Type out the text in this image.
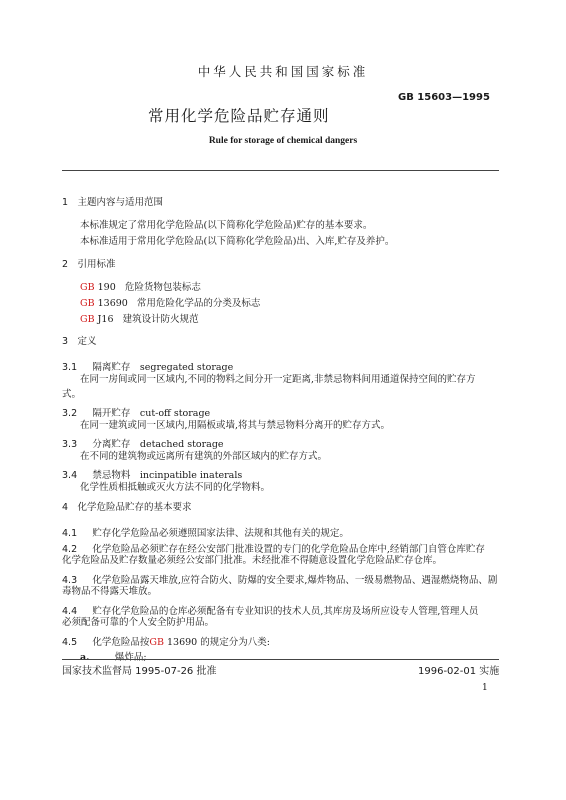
中华人民共和国国家标准
GB 15603—1995
常用化学危险品贮存通则
Rule for storage of chemical dangers
1　主题内容与适用范围
本标准规定了常用化学危险品(以下简称化学危险品)贮存的基本要求。
本标准适用于常用化学危险品(以下简称化学危险品)出、入库,贮存及养护。
2　引用标准
GB 190 危险货物包装标志
GB 13690 常用危险化学品的分类及标志
GB J16 建筑设计防火规范
3　定义
3.1 隔离贮存　segregated storage
在同一房间或同一区域内,不同的物料之间分开一定距离,非禁忌物料间用通道保持空间的贮存方
式。
3.2 隔开贮存　cut-off storage
在同一建筑或同一区域内,用隔板或墙,将其与禁忌物料分离开的贮存方式。
3.3 分离贮存　detached storage
在不同的建筑物或远离所有建筑的外部区域内的贮存方式。
3.4 禁忌物料　incinpatible inaterals
化学性质相抵触或灭火方法不同的化学物料。
4　化学危险品贮存的基本要求
4.1 贮存化学危险品必须遵照国家法律、法规和其他有关的规定。
4.2 化学危险品必须贮存在经公安部门批准设置的专门的化学危险品仓库中,经销部门自管仓库贮存
化学危险品及贮存数量必须经公安部门批准。未经批准不得随意设置化学危险品贮存仓库。
4.3 化学危险品露天堆放,应符合防火、防爆的安全要求,爆炸物品、一级易燃物品、遇湿燃烧物品、剧
毒物品不得露天堆放。
4.4 贮存化学危险品的仓库必须配备有专业知识的技术人员,其库房及场所应设专人管理,管理人员
必须配备可靠的个人安全防护用品。
4.5 化学危险品按GB 13690 的规定分为八类:
a.	爆炸品;
国家技术监督局 1995-07-26 批准	1996-02-01 实施
1
